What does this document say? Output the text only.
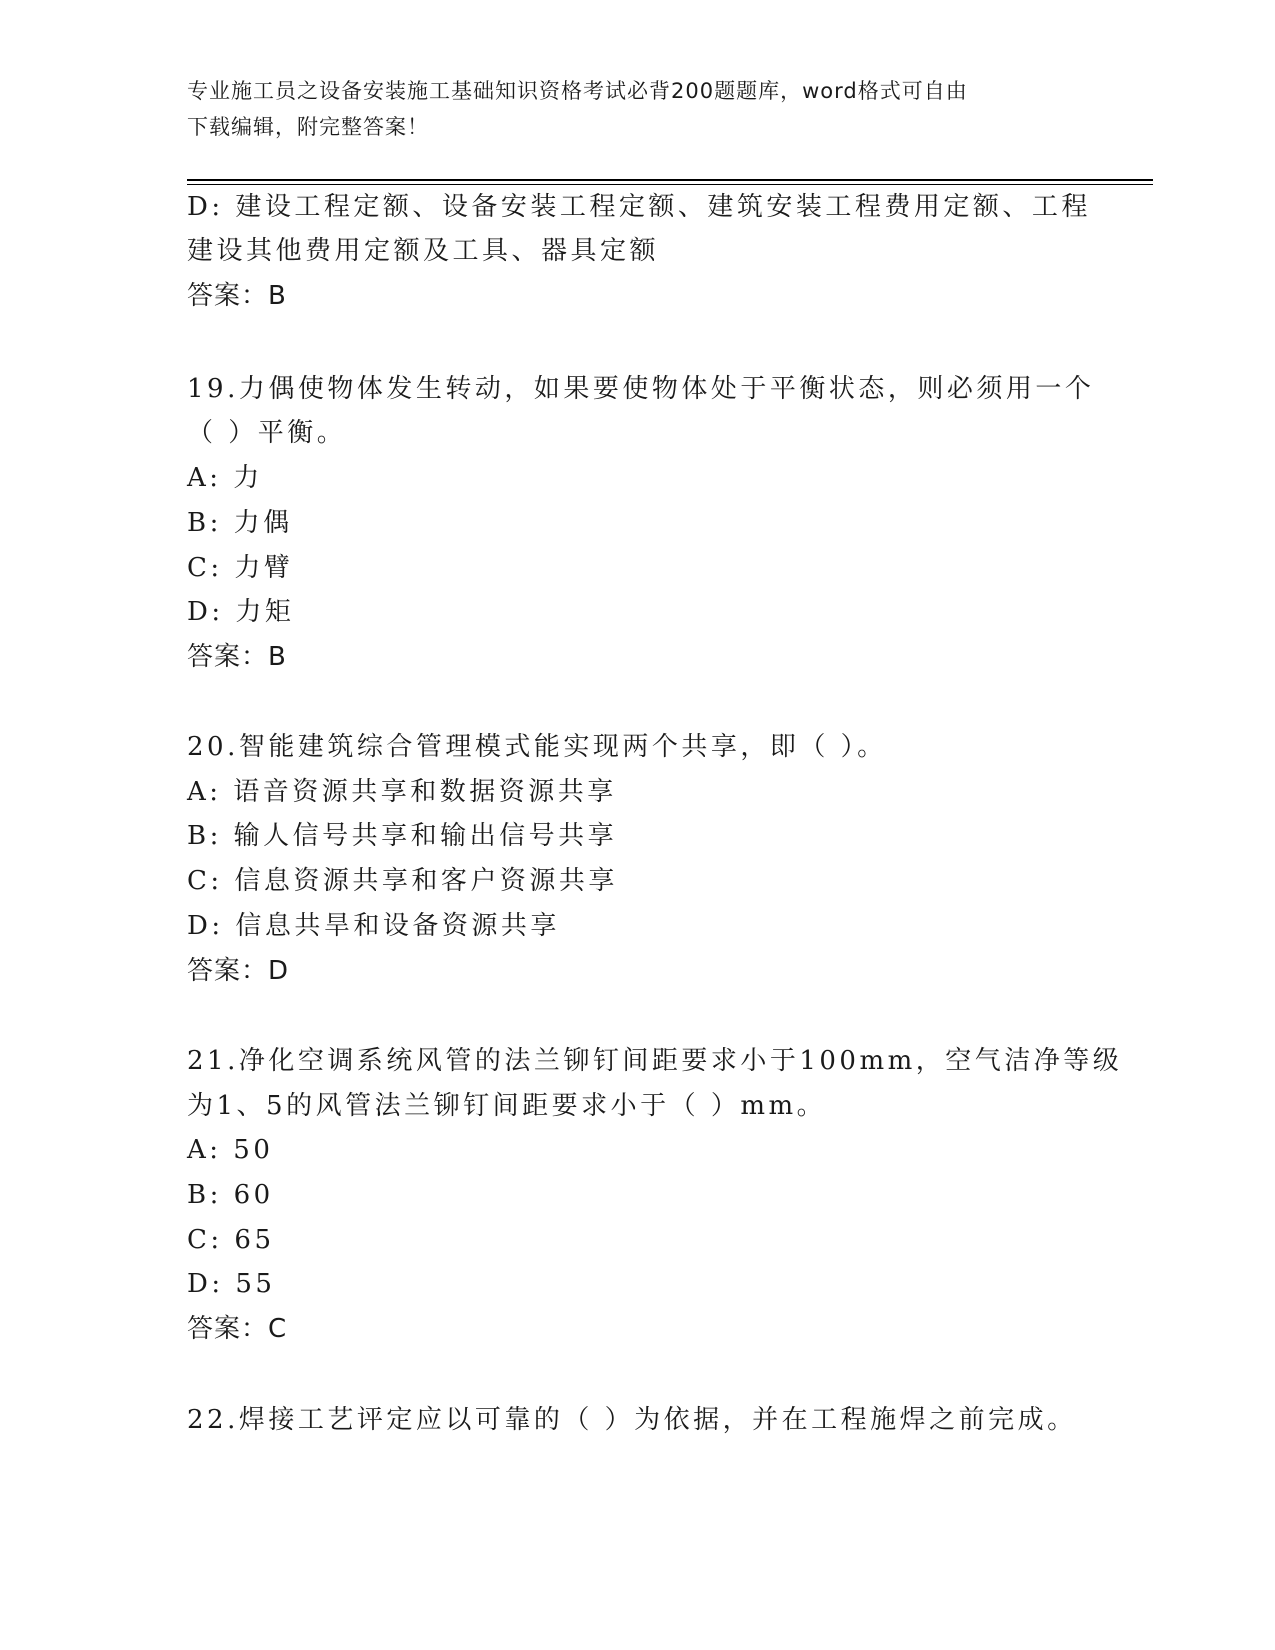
专业施工员之设备安装施工基础知识资格考试必背200题题库，word格式可自由
下载编辑，附完整答案！
D: 建设工程定额、设备安装工程定额、建筑安装工程费用定额、工程
建设其他费用定额及工具、器具定额
答案：B
19.力偶使物体发生转动，如果要使物体处于平衡状态，则必须用一个
（ ）平衡。
A: 力
B: 力偶
C: 力臂
D: 力矩
答案：B
20.智能建筑综合管理模式能实现两个共享，即（ ）。
A: 语音资源共享和数据资源共享
B: 输人信号共享和输出信号共享
C: 信息资源共享和客户资源共享
D: 信息共旱和设备资源共享
答案：D
21.净化空调系统风管的法兰铆钉间距要求小于100mm，空气洁净等级
为1、5的风管法兰铆钉间距要求小于（ ）mm。
A: 50
B: 60
C: 65
D: 55
答案：C
22.焊接工艺评定应以可靠的（ ）为依据，并在工程施焊之前完成。
